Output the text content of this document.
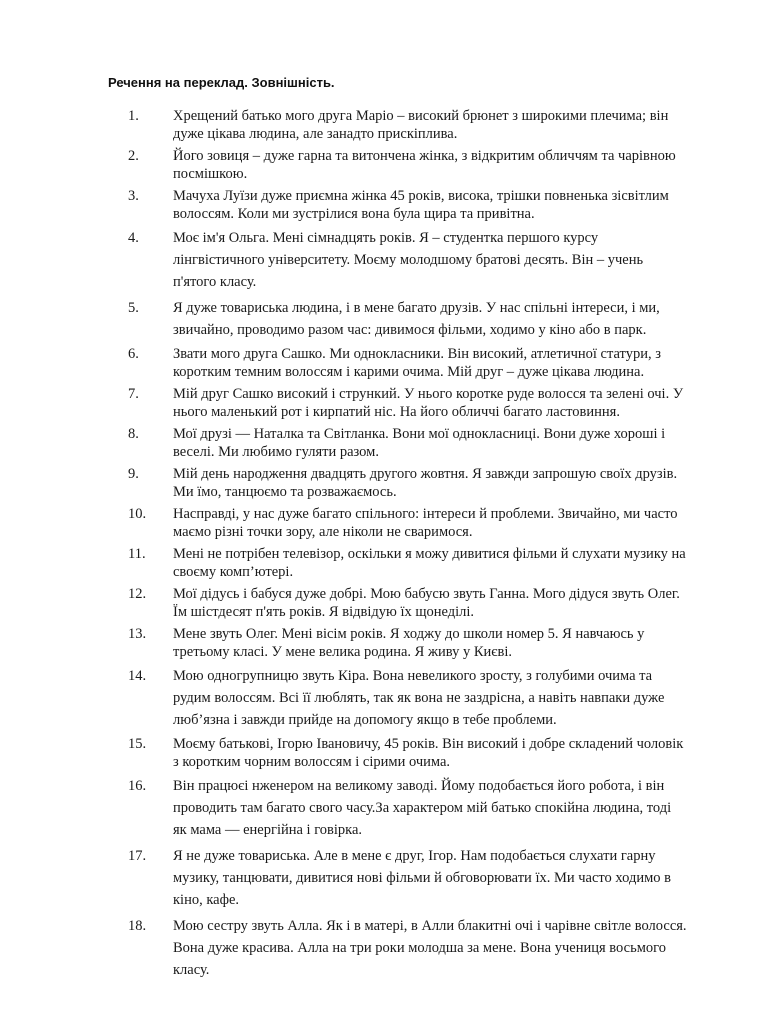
Речення на переклад. Зовнішність.
1.	Хрещений батько мого друга Маріо – високий брюнет з широкими плечима; він
дуже цікава людина, але занадто прискіплива.
2.	Його зовиця – дуже гарна та витончена жінка, з відкритим обличчям та чарівною
посмішкою.
3.	Мачуха Луїзи дуже приємна жінка 45 років, висока, трішки повненька зісвітлим
волоссям. Коли ми зустрілися вона була щира та привітна.
4.	Моє ім'я Ольга. Мені сімнадцять років. Я – студентка першого курсу
лінгвістичного університету. Моєму молодшому братові десять. Він – учень
п'ятого класу.
5.	Я дуже товариська людина, і в мене багато друзів. У нас спільні інтереси, і ми,
звичайно, проводимо разом час: дивимося фільми, ходимо у кіно або в парк.
6.	Звати мого друга Сашко. Ми однокласники. Він високий, атлетичної статури, з
коротким темним волоссям і карими очима. Мій друг – дуже цікава людина.
7.	Мій друг Сашко високий і стрункий. У нього коротке руде волосся та зелені очі. У
нього маленький рот і кирпатий ніс. На його обличчі багато ластовиння.
8.	Мої друзі — Наталка та Світланка. Вони мої однокласниці. Вони дуже хороші і
веселі. Ми любимо гуляти разом.
9.	Мій день народження двадцять другого жовтня. Я завжди запрошую своїх друзів.
Ми їмо, танцюємо та розважаємось.
10.	Насправді, у нас дуже багато спільного: інтереси й проблеми. Звичайно, ми часто
маємо різні точки зору, але ніколи не сваримося.
11.	Мені не потрібен телевізор, оскільки я можу дивитися фільми й слухати музику на
своєму комп’ютері.
12.	Мої дідусь і бабуся дуже добрі. Мою бабусю звуть Ганна. Мого дідуся звуть Олег.
Їм шістдесят п'ять років. Я відвідую їх щонеділі.
13.	Мене звуть Олег. Мені вісім років. Я ходжу до школи номер 5. Я навчаюсь у
третьому класі. У мене велика родина. Я живу у Києві.
14.	Мою одногрупницю звуть Кіра. Вона невеликого зросту, з голубими очима та
рудим волоссям. Всі її люблять, так як вона не заздрісна, а навіть навпаки дуже
люб’язна і завжди прийде на допомогу якщо в тебе проблеми.
15.	Моєму батькові, Ігорю Івановичу, 45 років. Він високий і добре складений чоловік
з коротким чорним волоссям і сірими очима.
16.	Він працюєі нженером на великому заводі. Йому подобається його робота, і він
проводить там багато свого часу.За характером мій батько спокійна людина, тоді
як мама — енергійна і говірка.
17.	Я не дуже товариська. Але в мене є друг, Ігор. Нам подобається слухати гарну
музику, танцювати, дивитися нові фільми й обговорювати їх. Ми часто ходимо в
кіно, кафе.
18.	Мою сестру звуть Алла. Як і в матері, в Алли блакитні очі і чарівне світле волосся.
Вона дуже красива. Алла на три роки молодша за мене. Вона учениця восьмого
класу.
